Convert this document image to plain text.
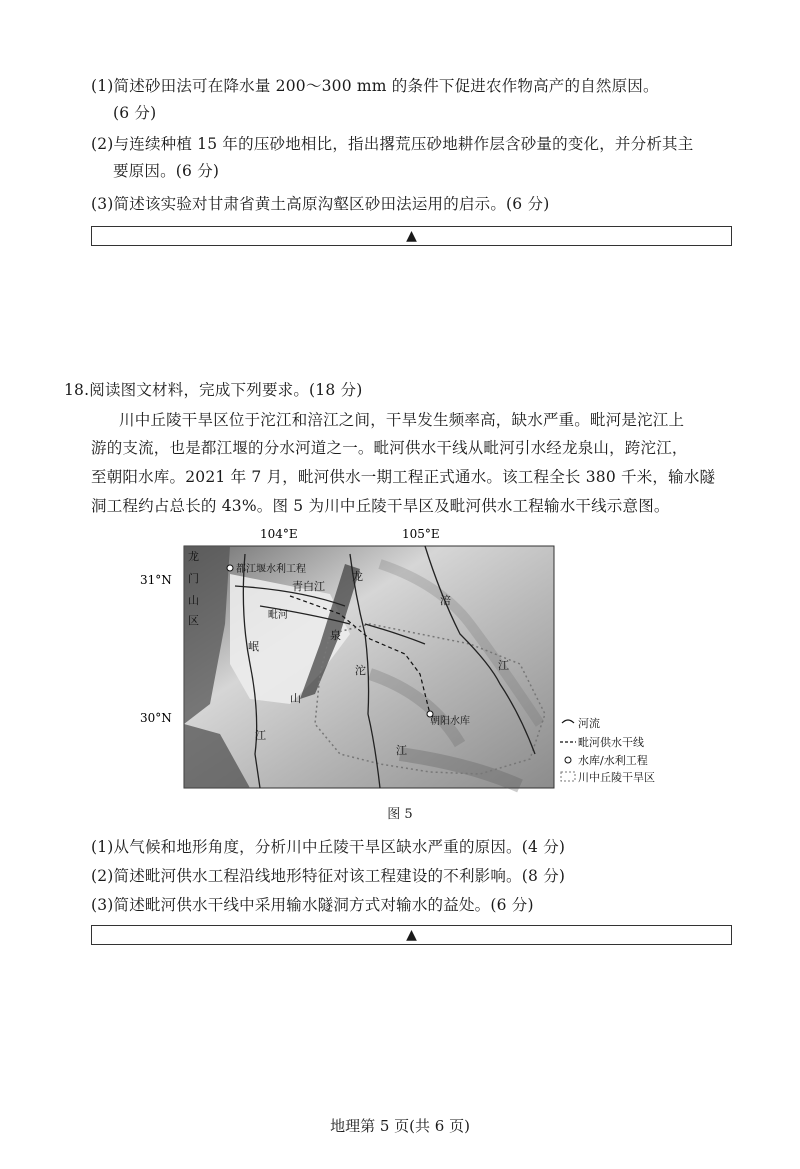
(1)简述砂田法可在降水量 200～300 mm 的条件下促进农作物高产的自然原因。
(6 分)
(2)与连续种植 15 年的压砂地相比，指出撂荒压砂地耕作层含砂量的变化，并分析其主
要原因。(6 分)
(3)简述该实验对甘肃省黄土高原沟壑区砂田法运用的启示。(6 分)
▲
18.阅读图文材料，完成下列要求。(18 分)
川中丘陵干旱区位于沱江和涪江之间，干旱发生频率高，缺水严重。毗河是沱江上
游的支流，也是都江堰的分水河道之一。毗河供水干线从毗河引水经龙泉山，跨沱江，
至朝阳水库。2021 年 7 月，毗河供水一期工程正式通水。该工程全长 380 千米，输水隧
洞工程约占总长的 43%。图 5 为川中丘陵干旱区及毗河供水工程输水干线示意图。
104°E	105°E
31°N
30°N
龙
门
山
区
都江堰水利工程
青白江
毗河
岷
江
山
龙
泉
沱
江
涪
江
朝阳水库	河流
毗河供水干线
水库/水利工程
川中丘陵干旱区
图 5
(1)从气候和地形角度，分析川中丘陵干旱区缺水严重的原因。(4 分)
(2)简述毗河供水工程沿线地形特征对该工程建设的不利影响。(8 分)
(3)简述毗河供水干线中采用输水隧洞方式对输水的益处。(6 分)
▲
地理第 5 页(共 6 页)
